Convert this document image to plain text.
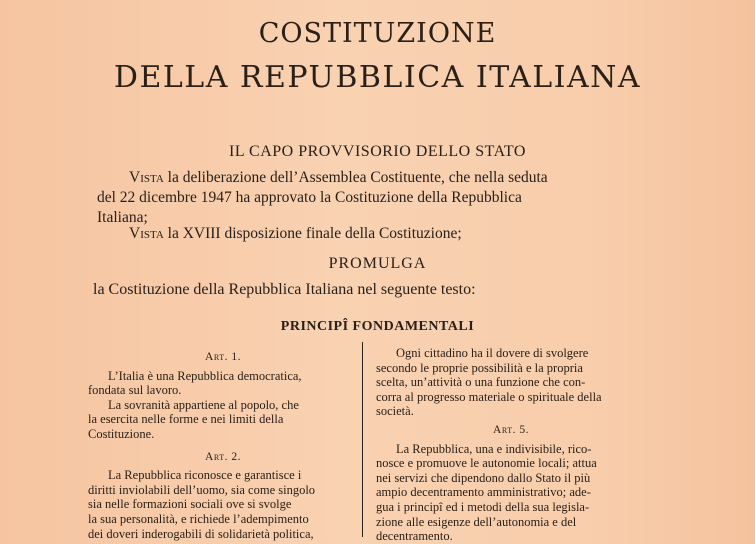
COSTITUZIONE
DELLA REPUBBLICA ITALIANA
IL CAPO PROVVISORIO DELLO STATO
Vista la deliberazione dell’Assemblea Costituente, che nella seduta
del 22 dicembre 1947 ha approvato la Costituzione della Repubblica
Italiana;
Vista la XVIII disposizione finale della Costituzione;
PROMULGA
la Costituzione della Repubblica Italiana nel seguente testo:
PRINCIPÎ FONDAMENTALI
Art. 1.
L’Italia è una Repubblica democratica,
fondata sul lavoro.
La sovranità appartiene al popolo, che
la esercita nelle forme e nei limiti della
Costituzione.
Art. 2.
La Repubblica riconosce e garantisce i
diritti inviolabili dell’uomo, sia come singolo
sia nelle formazioni sociali ove si svolge
la sua personalità, e richiede l’adempimento
dei doveri inderogabili di solidarietà politica,
Ogni cittadino ha il dovere di svolgere
secondo le proprie possibilità e la propria
scelta, un’attività o una funzione che con-
corra al progresso materiale o spirituale della
società.
Art. 5.
La Repubblica, una e indivisibile, rico-
nosce e promuove le autonomie locali; attua
nei servizi che dipendono dallo Stato il più
ampio decentramento amministrativo; ade-
gua i principî ed i metodi della sua legisla-
zione alle esigenze dell’autonomia e del
decentramento.
